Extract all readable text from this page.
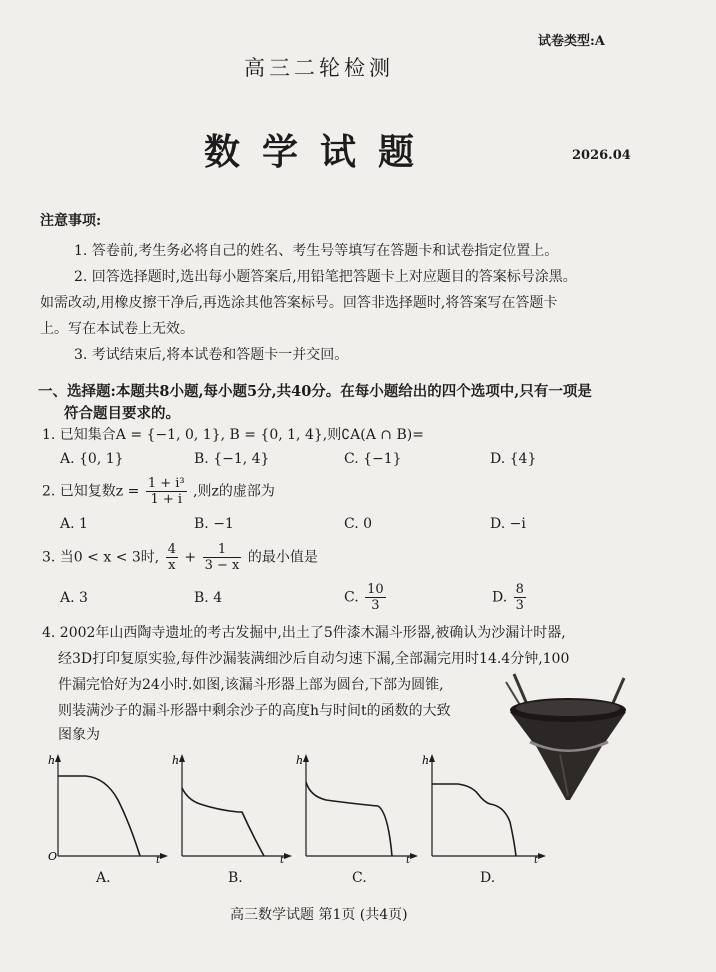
试卷类型:A
高三二轮检测
数学试题	2026.04
注意事项:
1. 答卷前,考生务必将自己的姓名、考生号等填写在答题卡和试卷指定位置上。
2. 回答选择题时,选出每小题答案后,用铅笔把答题卡上对应题目的答案标号涂黑。
如需改动,用橡皮擦干净后,再选涂其他答案标号。回答非选择题时,将答案写在答题卡
上。写在本试卷上无效。
3. 考试结束后,将本试卷和答题卡一并交回。
一、选择题:本题共8小题,每小题5分,共40分。在每小题给出的四个选项中,只有一项是
符合题目要求的。
1. 已知集合A = {−1, 0, 1}, B = {0, 1, 4},则∁A(A ∩ B)=
A. {0, 1}	B. {−1, 4}	C. {−1}	D. {4}
2. 已知复数$z = \frac{\text{1 + i³}}{1 + i}$ ,则z的虚部为
A. 1	B. −1	C. 0	D. −i
3. 当0 < x < 3时, $\frac{4}{x} + \frac{1}{3 - x}$ 的最小值是
A. 3	B. 4	C. $\frac{10}{3}$	D. $\frac{8}{3}$
4. 2002年山西陶寺遗址的考古发掘中,出土了5件漆木漏斗形器,被确认为沙漏计时器,
经3D打印复原实验,每件沙漏装满细沙后自动匀速下漏,全部漏完用时14.4分钟,100
件漏完恰好为24小时.如图,该漏斗形器上部为圆台,下部为圆锥,
则装满沙子的漏斗形器中剩余沙子的高度h与时间t的函数的大致
图象为
h
t
O
A.
h
t
B.
h
t
C.
h
t
D.
高三数学试题 第1页 (共4页)
